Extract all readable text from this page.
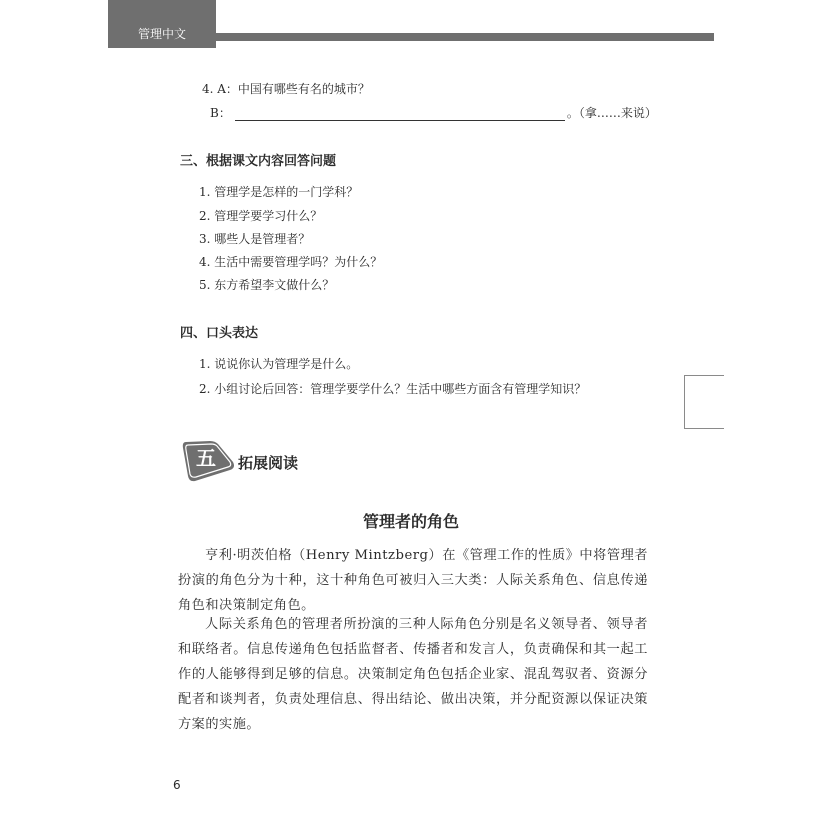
管理中文
4. A：中国有哪些有名的城市？
B：	。（拿……来说）
三、根据课文内容回答问题
1. 管理学是怎样的一门学科？
2. 管理学要学习什么？
3. 哪些人是管理者？
4. 生活中需要管理学吗？为什么？
5. 东方希望李文做什么？
四、口头表达
1. 说说你认为管理学是什么。
2. 小组讨论后回答：管理学要学什么？生活中哪些方面含有管理学知识？
五	拓展阅读
管理者的角色
亨利·明茨伯格（Henry Mintzberg）在《管理工作的性质》中将管理者扮演的角色分为十种，这十种角色可被归入三大类：人际关系角色、信息传递角色和决策制定角色。
人际关系角色的管理者所扮演的三种人际角色分别是名义领导者、领导者和联络者。信息传递角色包括监督者、传播者和发言人，负责确保和其一起工作的人能够得到足够的信息。决策制定角色包括企业家、混乱驾驭者、资源分配者和谈判者，负责处理信息、得出结论、做出决策，并分配资源以保证决策方案的实施。
6
